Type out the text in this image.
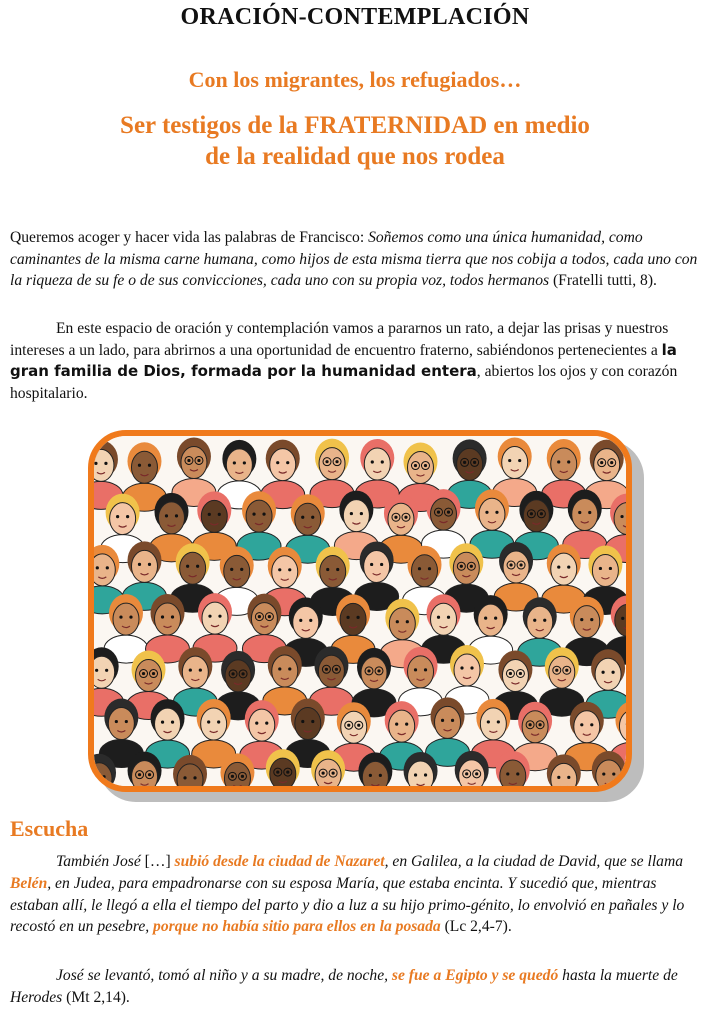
ORACIÓN-CONTEMPLACIÓN
Con los migrantes, los refugiados…
Ser testigos de la FRATERNIDAD en medio
de la realidad que nos rodea

Queremos acoger y hacer vida las palabras de Francisco: Soñemos como una única humanidad, como caminantes de la misma carne humana, como hijos de esta misma tierra que nos cobija a todos, cada uno con la riqueza de su fe o de sus convicciones, cada uno con su propia voz, todos hermanos (Fratelli tutti, 8).

En este espacio de oración y contemplación vamos a pararnos un rato, a dejar las prisas y nuestros intereses a un lado, para abrirnos a una oportunidad de encuentro fraterno, sabiéndonos pertenecientes a la gran familia de Dios, formada por la humanidad entera, abiertos los ojos y con corazón hospitalario.

Escucha

También José […] subió desde la ciudad de Nazaret, en Galilea, a la ciudad de David, que se llama Belén, en Judea, para empadronarse con su esposa María, que estaba encinta. Y sucedió que, mientras estaban allí, le llegó a ella el tiempo del parto y dio a luz a su hijo primo-génito, lo envolvió en pañales y lo recostó en un pesebre, porque no había sitio para ellos en la posada (Lc 2,4-7).

José se levantó, tomó al niño y a su madre, de noche, se fue a Egipto y se quedó hasta la muerte de Herodes (Mt 2,14).
